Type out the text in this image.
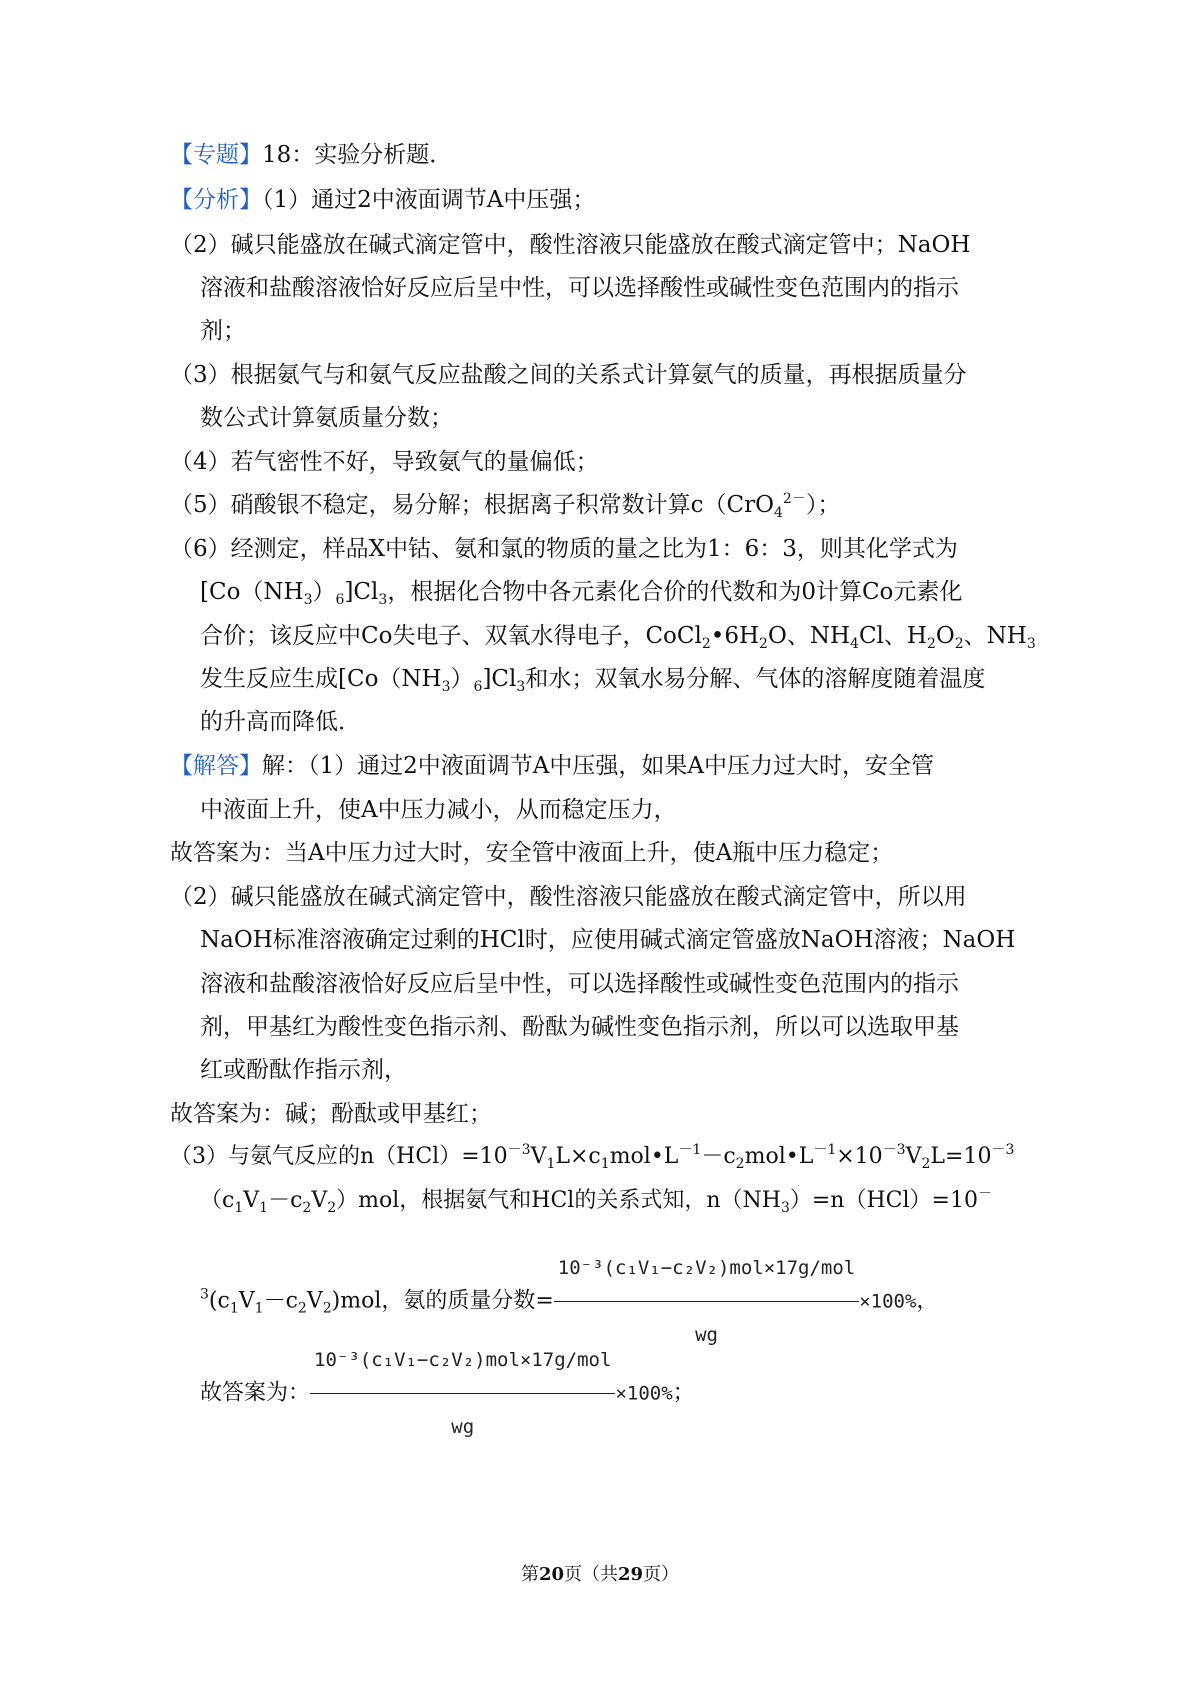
【专题】18：实验分析题．
【分析】（1）通过2中液面调节A中压强；
（2）碱只能盛放在碱式滴定管中，酸性溶液只能盛放在酸式滴定管中；NaOH
溶液和盐酸溶液恰好反应后呈中性，可以选择酸性或碱性变色范围内的指示
剂；
（3）根据氨气与和氨气反应盐酸之间的关系式计算氨气的质量，再根据质量分
数公式计算氨质量分数；
（4）若气密性不好，导致氨气的量偏低；
（5）硝酸银不稳定，易分解；根据离子积常数计算c（CrO$_4^{2-}$）；
（6）经测定，样品X中钴、氨和氯的物质的量之比为1：6：3，则其化学式为
$[Co(NH_3)_6]Cl_3$，根据化合物中各元素化合价的代数和为0计算Co元素化
合价；该反应中Co失电子、双氧水得电子，$CoCl_2•6H_2O$、$NH_4Cl$、$H_2O_2$、$NH_3$
发生反应生成$[Co(NH_3)_6]Cl_3$和水；双氧水易分解、气体的溶解度随着温度
的升高而降低．
【解答】解：（1）通过2中液面调节A中压强，如果A中压力过大时，安全管
中液面上升，使A中压力减小，从而稳定压力，
故答案为：当A中压力过大时，安全管中液面上升，使A瓶中压力稳定；
（2）碱只能盛放在碱式滴定管中，酸性溶液只能盛放在酸式滴定管中，所以用
NaOH标准溶液确定过剩的HCl时，应使用碱式滴定管盛放NaOH溶液；NaOH
溶液和盐酸溶液恰好反应后呈中性，可以选择酸性或碱性变色范围内的指示
剂，甲基红为酸性变色指示剂、酚酞为碱性变色指示剂，所以可以选取甲基
红或酚酞作指示剂，
故答案为：碱；酚酞或甲基红；
（3）与氨气反应的$n(HCl)=10^{-3}V_1L\times c_1mol•L^{-1}-c_2mol•L^{-1}\times 10^{-3}V_2L=10^{-3}$
$(c_1V_1-c_2V_2)mol$，根据氨气和HCl的关系式知，$n(NH_3)=n(HCl)=10^-$
$^3(c_1V_1-c_2V_2)mol$，氨的质量分数= $\frac{\text{10⁻³(c₁V₁−c₂V₂)mol×17g/mol}}{wg} \times 100\%$，
故答案为： $\frac{\text{10⁻³(c₁V₁−c₂V₂)mol×17g/mol}}{wg} \times 100\%$；
第20页（共29页）
